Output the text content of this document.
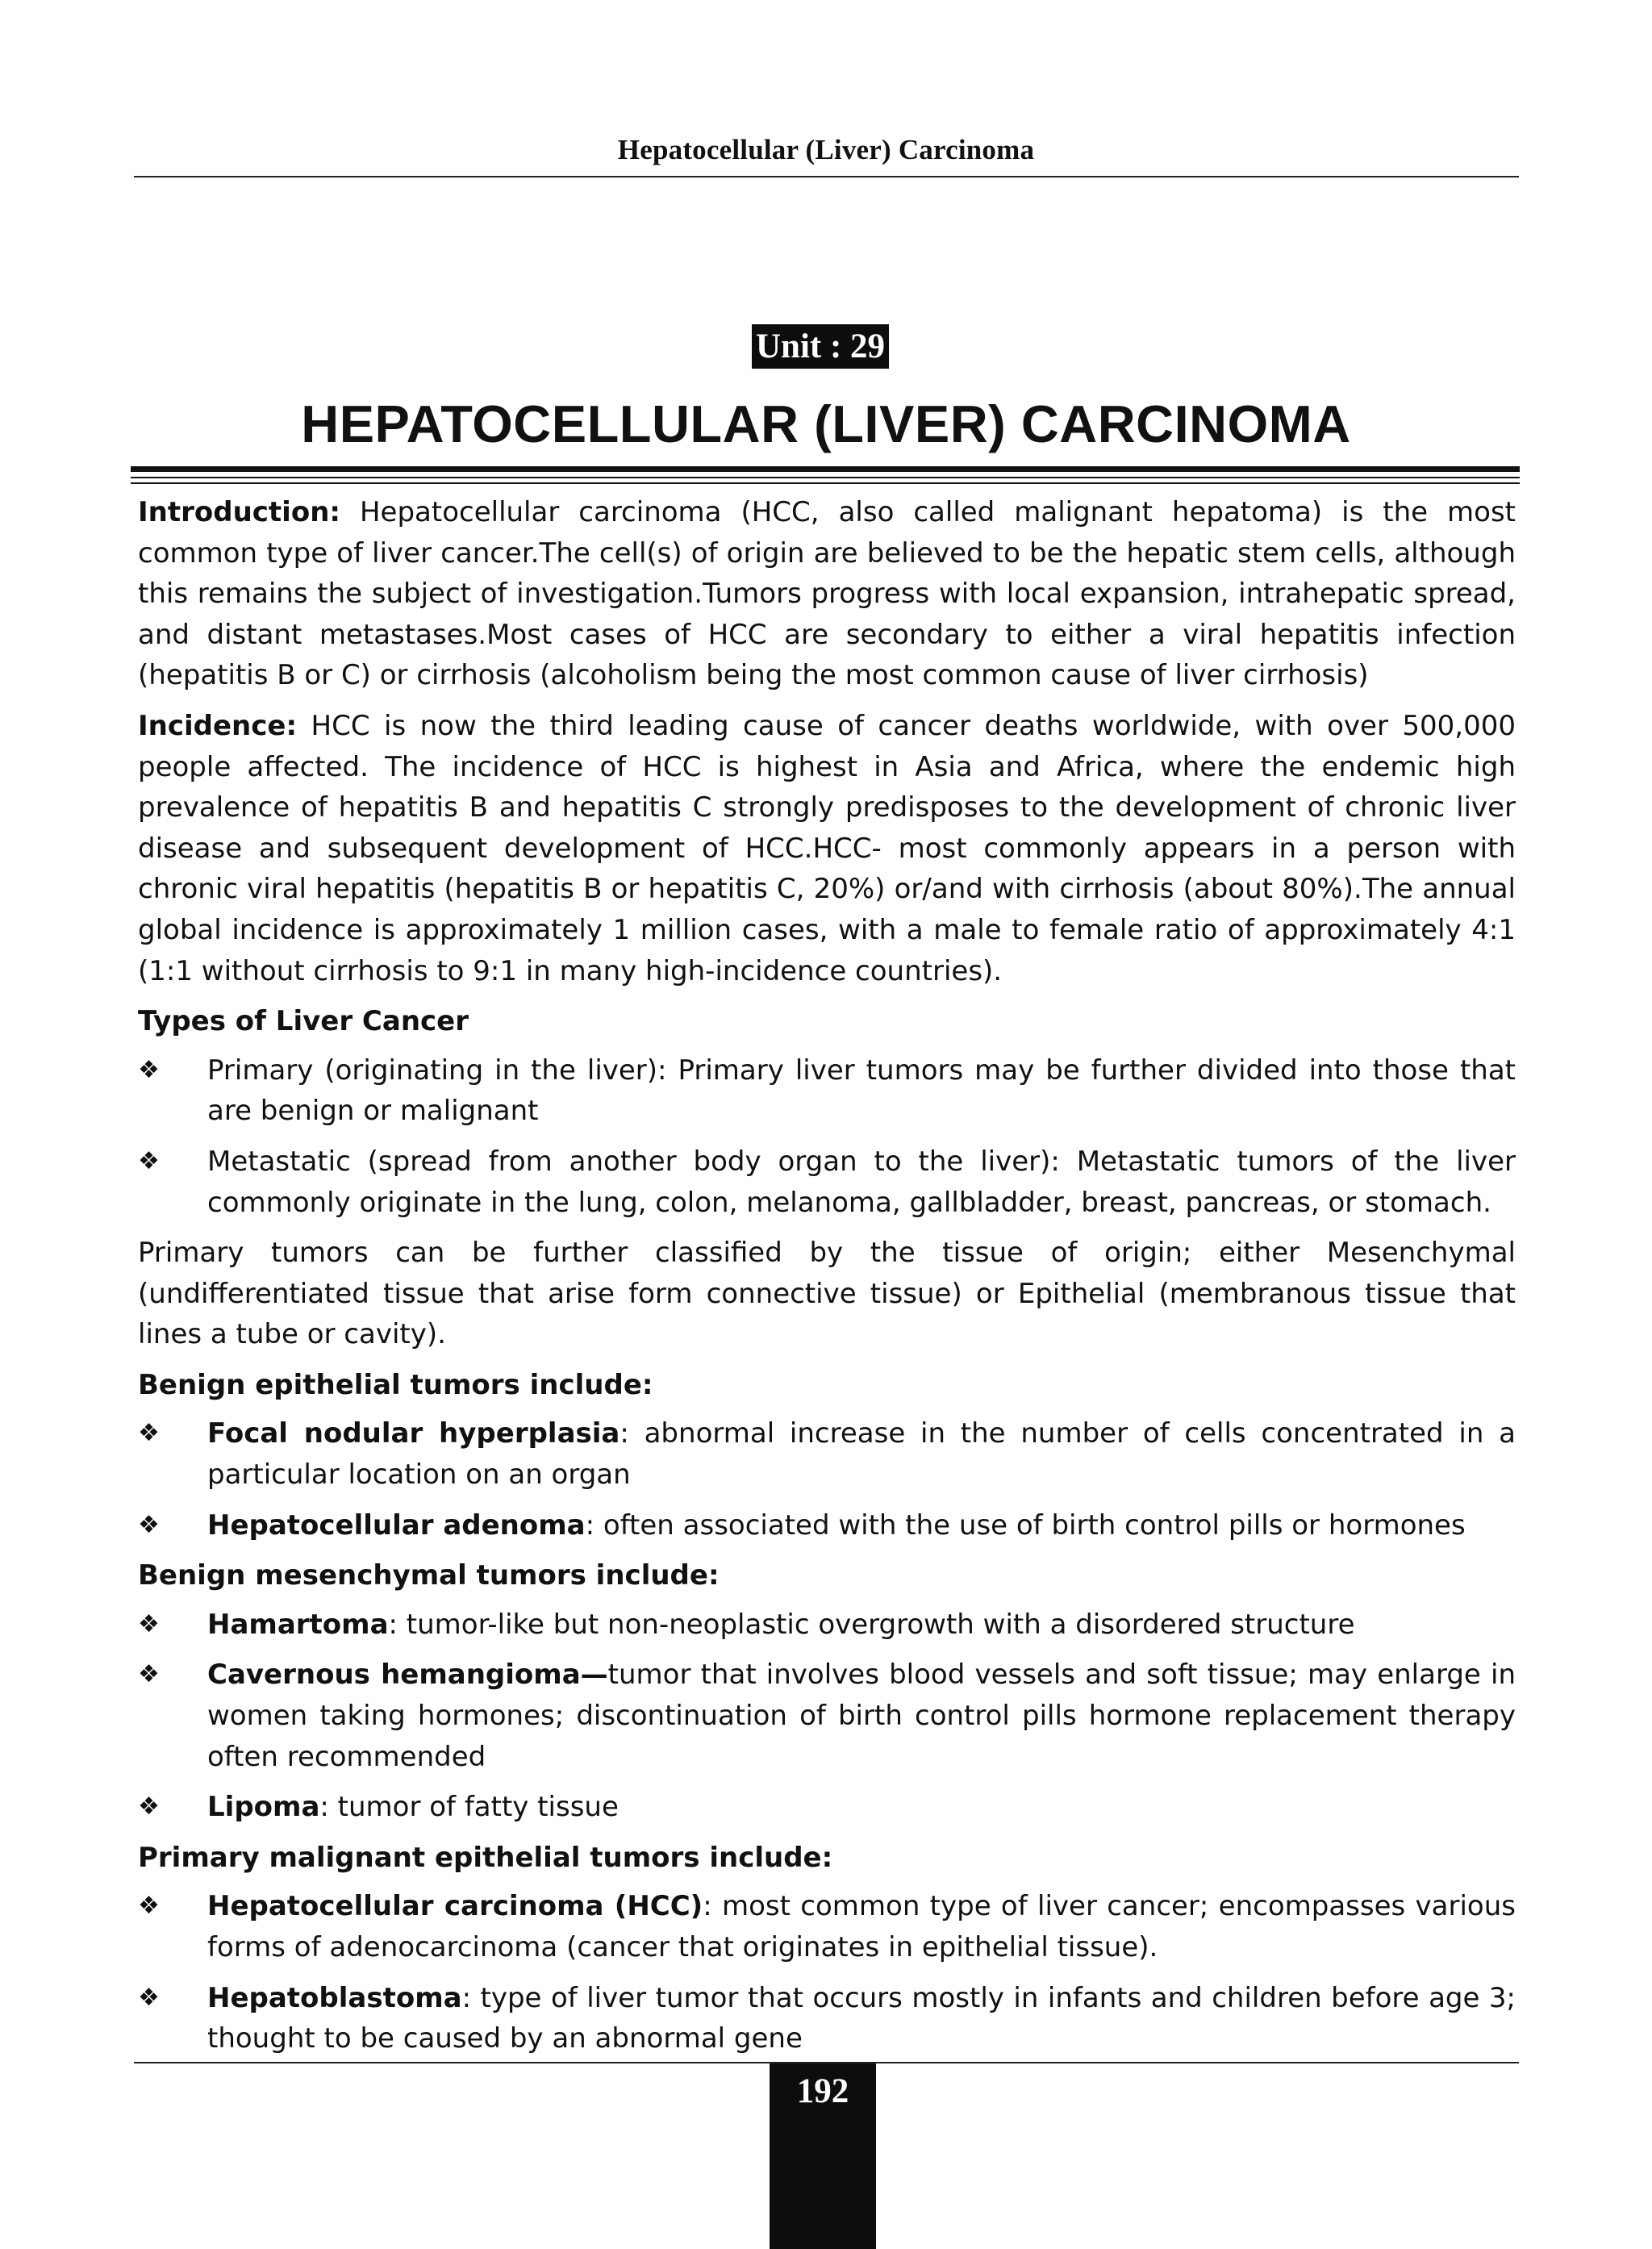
Hepatocellular (Liver) Carcinoma
Unit : 29
HEPATOCELLULAR (LIVER) CARCINOMA

Introduction: Hepatocellular carcinoma (HCC, also called malignant hepatoma) is the most common type of liver cancer.The cell(s) of origin are believed to be the hepatic stem cells, although this remains the subject of investigation.Tumors progress with local expansion, intrahepatic spread, and distant metastases.Most cases of HCC are secondary to either a viral hepatitis infection (hepatitis B or C) or cirrhosis (alcoholism being the most common cause of liver cirrhosis)

Incidence: HCC is now the third leading cause of cancer deaths worldwide, with over 500,000 people affected. The incidence of HCC is highest in Asia and Africa, where the endemic high prevalence of hepatitis B and hepatitis C strongly predisposes to the development of chronic liver disease and subsequent development of HCC.HCC- most commonly appears in a person with chronic viral hepatitis (hepatitis B or hepatitis C, 20%) or/and with cirrhosis (about 80%).The annual global incidence is approximately 1 million cases, with a male to female ratio of approximately 4:1 (1:1 without cirrhosis to 9:1 in many high-incidence countries).

Types of Liver Cancer
❖	Primary (originating in the liver): Primary liver tumors may be further divided into those that are benign or malignant
❖	Metastatic (spread from another body organ to the liver): Metastatic tumors of the liver commonly originate in the lung, colon, melanoma, gallbladder, breast, pancreas, or stomach.

Primary tumors can be further classified by the tissue of origin; either Mesenchymal (undifferentiated tissue that arise form connective tissue) or Epithelial (membranous tissue that lines a tube or cavity).

Benign epithelial tumors include:
❖	Focal nodular hyperplasia: abnormal increase in the number of cells concentrated in a particular location on an organ
❖	Hepatocellular adenoma: often associated with the use of birth control pills or hormones
Benign mesenchymal tumors include:
❖	Hamartoma: tumor-like but non-neoplastic overgrowth with a disordered structure
❖	Cavernous hemangioma—tumor that involves blood vessels and soft tissue; may enlarge in women taking hormones; discontinuation of birth control pills hormone replacement therapy often recommended
❖	Lipoma: tumor of fatty tissue
Primary malignant epithelial tumors include:
❖	Hepatocellular carcinoma (HCC): most common type of liver cancer; encompasses various forms of adenocarcinoma (cancer that originates in epithelial tissue).
❖	Hepatoblastoma: type of liver tumor that occurs mostly in infants and children before age 3; thought to be caused by an abnormal gene
192
